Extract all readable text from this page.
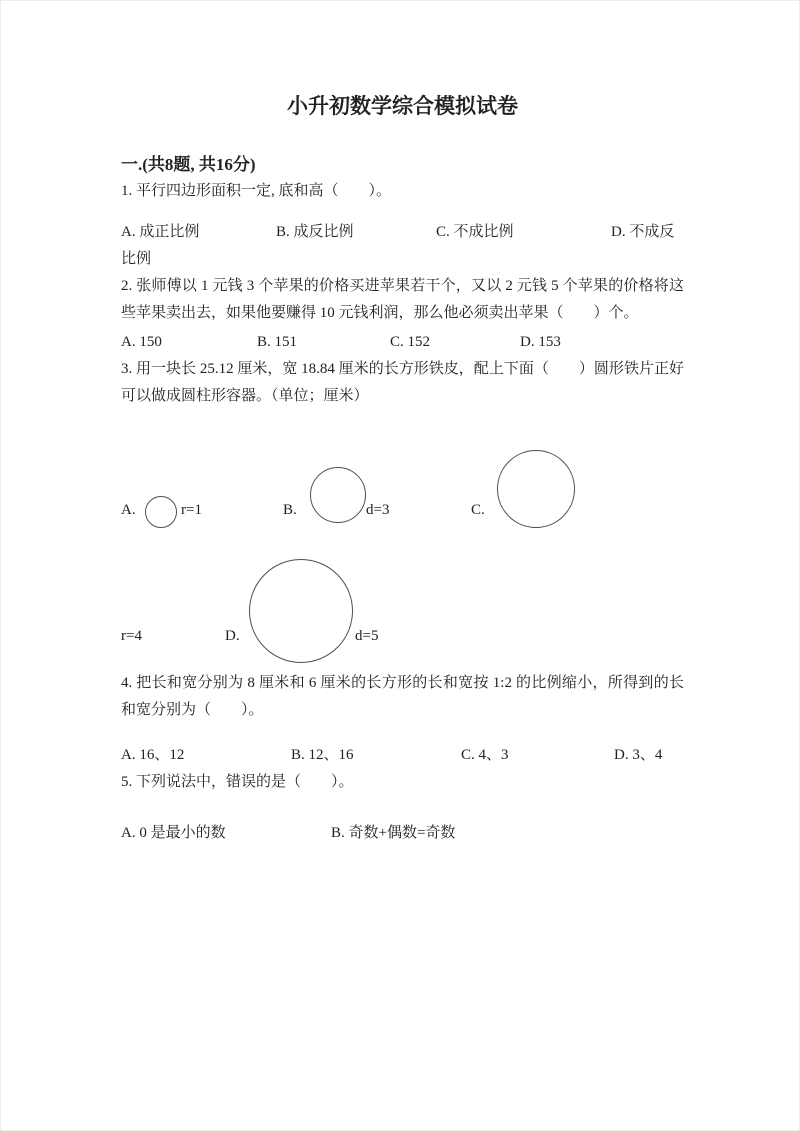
小升初数学综合模拟试卷
一.(共8题, 共16分)

1. 平行四边形面积一定, 底和高（　　）。

A. 成正比例	B. 成反比例	C. 不成比例	D. 不成反比例

2. 张师傅以 1 元钱 3 个苹果的价格买进苹果若干个，又以 2 元钱 5 个苹果的价格将这些苹果卖出去，如果他要赚得 10 元钱利润，那么他必须卖出苹果（　　）个。

A. 150	B. 151	C. 152	D. 153

3. 用一块长 25.12 厘米，宽 18.84 厘米的长方形铁皮，配上下面（　　）圆形铁片正好可以做成圆柱形容器。（单位；厘米）

A.	r=1	B.	d=3	C.
r=4	D.	d=5

4. 把长和宽分别为 8 厘米和 6 厘米的长方形的长和宽按 1:2 的比例缩小，所得到的长和宽分别为（　　）。

A. 16、12	B. 12、16	C. 4、3	D. 3、4

5. 下列说法中，错误的是（　　）。

A. 0 是最小的数	B. 奇数+偶数=奇数
